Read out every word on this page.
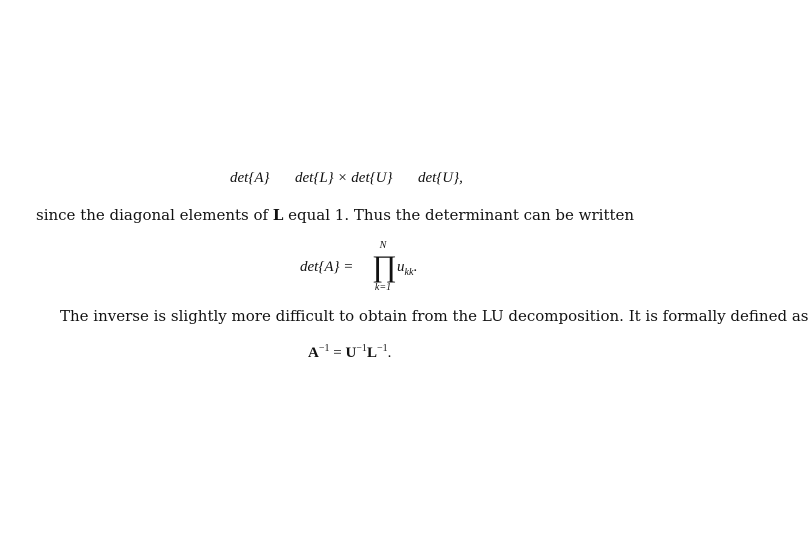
det{A} det{L} × det{U} det{U},
since the diagonal elements of L equal 1. Thus the determinant can be written
det{A} =
N
∏
k=1
$u_{kk}$.
The inverse is slightly more difficult to obtain from the LU decomposition. It is formally defined as
$A^{-1} = U^{-1}L^{-1}$.
